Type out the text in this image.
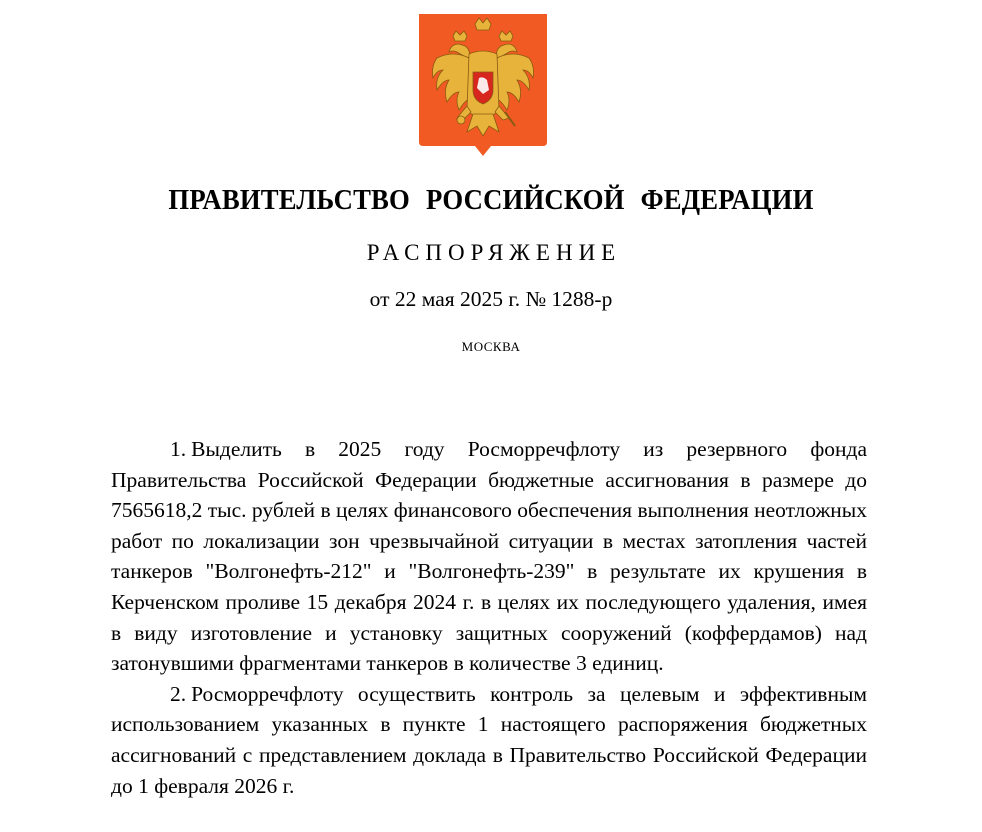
ПРАВИТЕЛЬСТВО РОССИЙСКОЙ ФЕДЕРАЦИИ
РАСПОРЯЖЕНИЕ
от 22 мая 2025 г. № 1288-р
МОСКВА

1. Выделить в 2025 году Росморречфлоту из резервного фонда Правительства Российской Федерации бюджетные ассигнования в размере до 7565618,2 тыс. рублей в целях финансового обеспечения выполнения неотложных работ по локализации зон чрезвычайной ситуации в местах затопления частей танкеров "Волгонефть-212" и "Волгонефть-239" в результате их крушения в Керченском проливе 15 декабря 2024 г. в целях их последующего удаления, имея в виду изготовление и установку защитных сооружений (коффердамов) над затонувшими фрагментами танкеров в количестве 3 единиц.

2. Росморречфлоту осуществить контроль за целевым и эффективным использованием указанных в пункте 1 настоящего распоряжения бюджетных ассигнований с представлением доклада в Правительство Российской Федерации до 1 февраля 2026 г.
